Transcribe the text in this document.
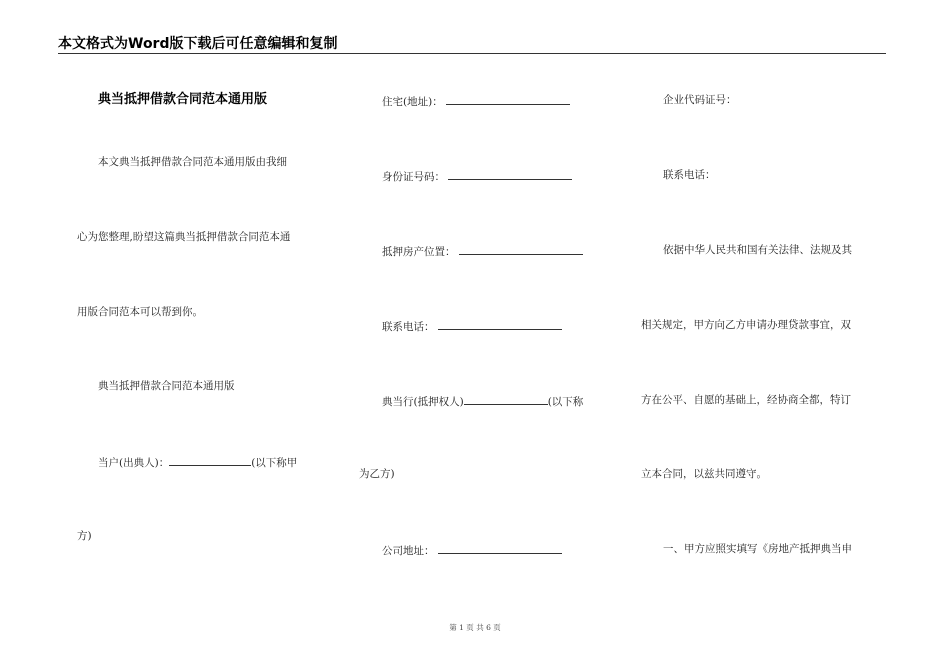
本文格式为Word版下载后可任意编辑和复制
典当抵押借款合同范本通用版
本文典当抵押借款合同范本通用版由我细
心为您整理,盼望这篇典当抵押借款合同范本通
用版合同范本可以帮到你。
典当抵押借款合同范本通用版
当户(出典人)：	(以下称甲
方)
住宅(地址)：
身份证号码：
抵押房产位置：
联系电话：
典当行(抵押权人)	(以下称
为乙方)
公司地址：
企业代码证号：
联系电话：
依据中华人民共和国有关法律、法规及其
相关规定，甲方向乙方申请办理贷款事宜，双
方在公平、自愿的基础上，经协商全都，特订
立本合同，以兹共同遵守。
一、甲方应照实填写《房地产抵押典当申
第 1 页 共 6 页
